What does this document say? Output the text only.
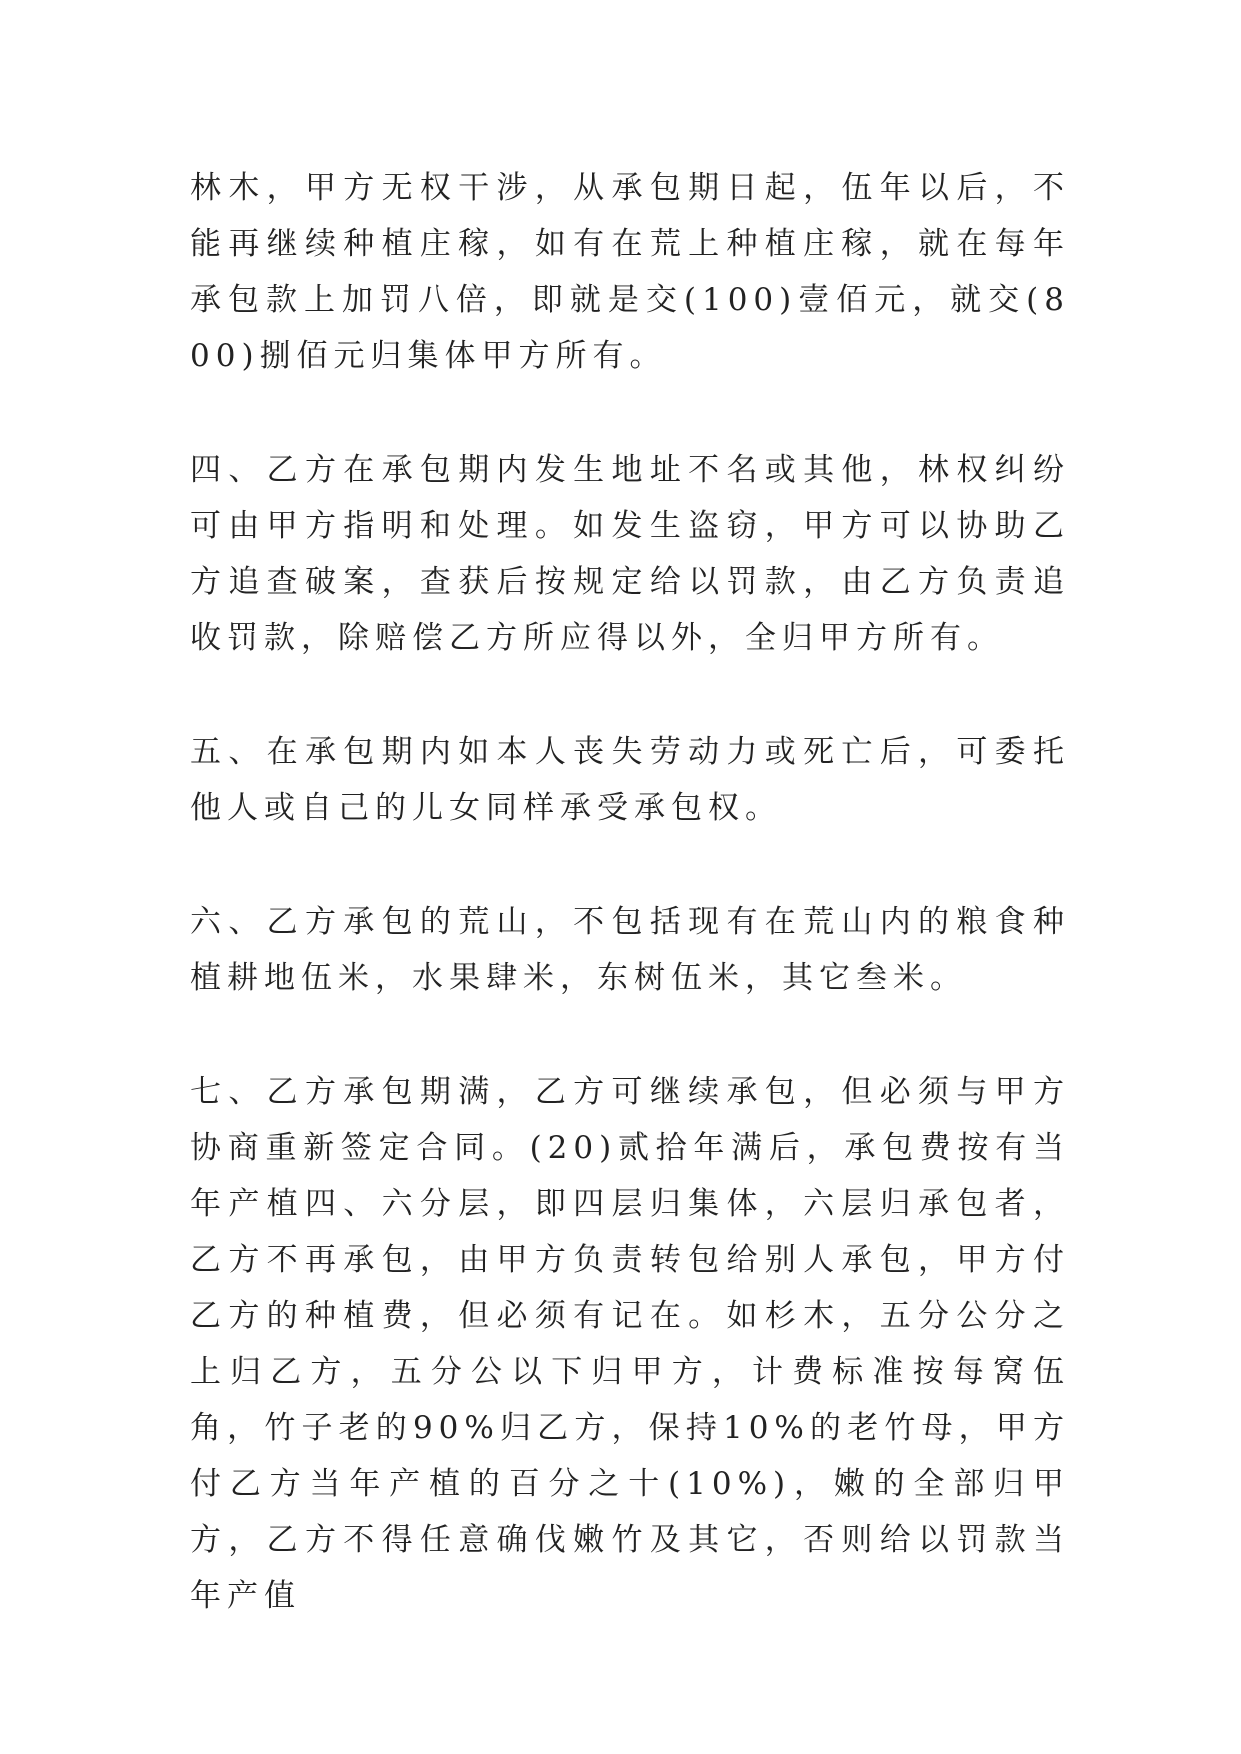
林木，甲方无权干涉，从承包期日起，伍年以后，不能再继续种植庄稼，如有在荒上种植庄稼，就在每年承包款上加罚八倍，即就是交(100)壹佰元，就交(800)捌佰元归集体甲方所有。

四、乙方在承包期内发生地址不名或其他，林权纠纷可由甲方指明和处理。如发生盗窃，甲方可以协助乙方追查破案，查获后按规定给以罚款，由乙方负责追收罚款，除赔偿乙方所应得以外，全归甲方所有。

五、在承包期内如本人丧失劳动力或死亡后，可委托他人或自己的儿女同样承受承包权。

六、乙方承包的荒山，不包括现有在荒山内的粮食种植耕地伍米，水果肆米，东树伍米，其它叁米。

七、乙方承包期满，乙方可继续承包，但必须与甲方协商重新签定合同。(20)贰拾年满后，承包费按有当年产植四、六分层，即四层归集体，六层归承包者，乙方不再承包，由甲方负责转包给别人承包，甲方付乙方的种植费，但必须有记在。如杉木，五分公分之上归乙方，五分公以下归甲方，计费标准按每窝伍角，竹子老的90%归乙方，保持10%的老竹母，甲方付乙方当年产植的百分之十(10%)，嫩的全部归甲方，乙方不得任意确伐嫩竹及其它，否则给以罚款当年产值
